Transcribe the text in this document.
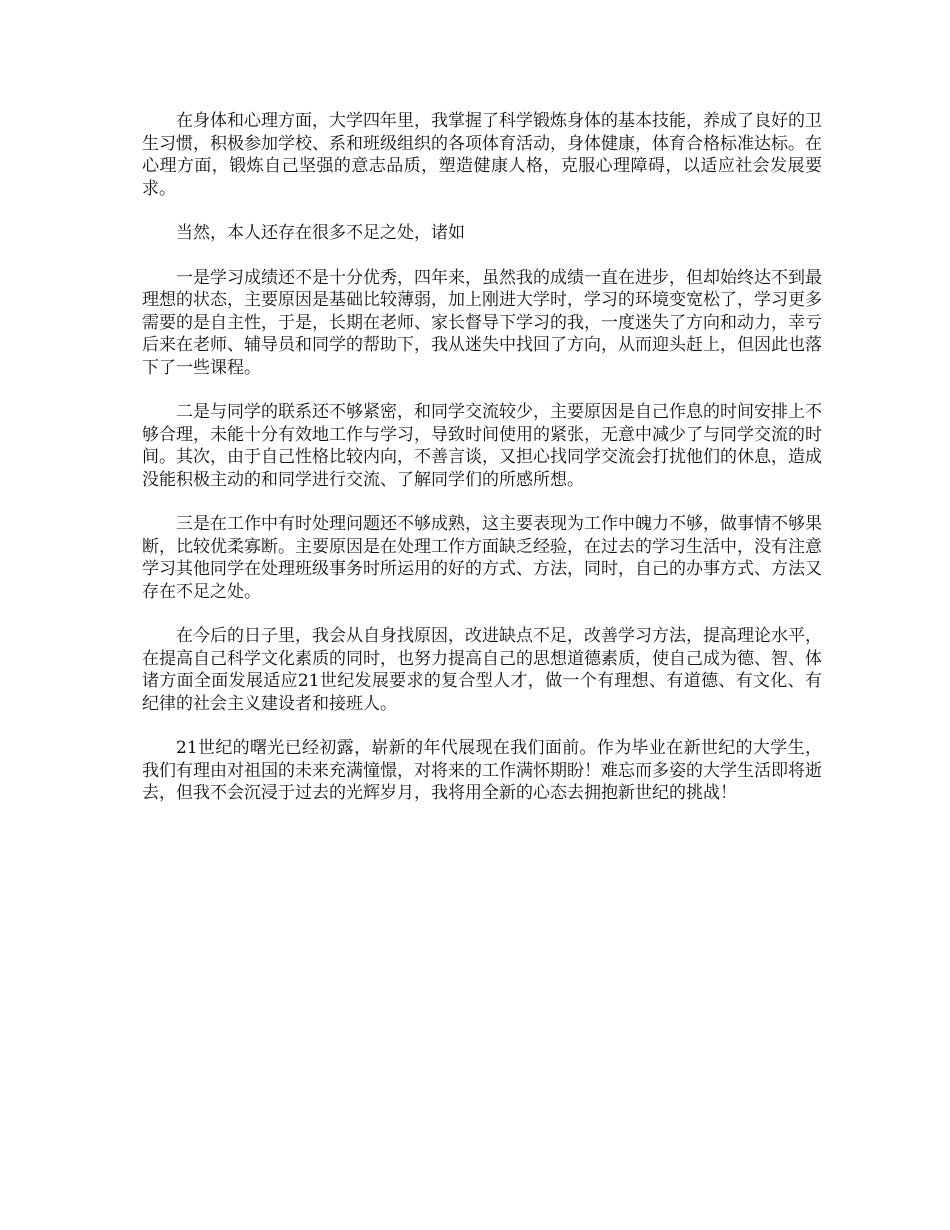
在身体和心理方面，大学四年里，我掌握了科学锻炼身体的基本技能，养成了良好的卫生习惯，积极参加学校、系和班级组织的各项体育活动，身体健康，体育合格标准达标。在心理方面，锻炼自己坚强的意志品质，塑造健康人格，克服心理障碍，以适应社会发展要求。

当然，本人还存在很多不足之处，诸如

一是学习成绩还不是十分优秀，四年来，虽然我的成绩一直在进步，但却始终达不到最理想的状态，主要原因是基础比较薄弱，加上刚进大学时，学习的环境变宽松了，学习更多需要的是自主性，于是，长期在老师、家长督导下学习的我，一度迷失了方向和动力，幸亏后来在老师、辅导员和同学的帮助下，我从迷失中找回了方向，从而迎头赶上，但因此也落下了一些课程。

二是与同学的联系还不够紧密，和同学交流较少，主要原因是自己作息的时间安排上不够合理，未能十分有效地工作与学习，导致时间使用的紧张，无意中减少了与同学交流的时间。其次，由于自己性格比较内向，不善言谈，又担心找同学交流会打扰他们的休息，造成没能积极主动的和同学进行交流、了解同学们的所感所想。

三是在工作中有时处理问题还不够成熟，这主要表现为工作中魄力不够，做事情不够果断，比较优柔寡断。主要原因是在处理工作方面缺乏经验，在过去的学习生活中，没有注意学习其他同学在处理班级事务时所运用的好的方式、方法，同时，自己的办事方式、方法又存在不足之处。

在今后的日子里，我会从自身找原因，改进缺点不足，改善学习方法，提高理论水平，在提高自己科学文化素质的同时，也努力提高自己的思想道德素质，使自己成为德、智、体诸方面全面发展适应21世纪发展要求的复合型人才，做一个有理想、有道德、有文化、有纪律的社会主义建设者和接班人。

21世纪的曙光已经初露，崭新的年代展现在我们面前。作为毕业在新世纪的大学生，我们有理由对祖国的未来充满憧憬，对将来的工作满怀期盼！难忘而多姿的大学生活即将逝去，但我不会沉浸于过去的光辉岁月，我将用全新的心态去拥抱新世纪的挑战！
